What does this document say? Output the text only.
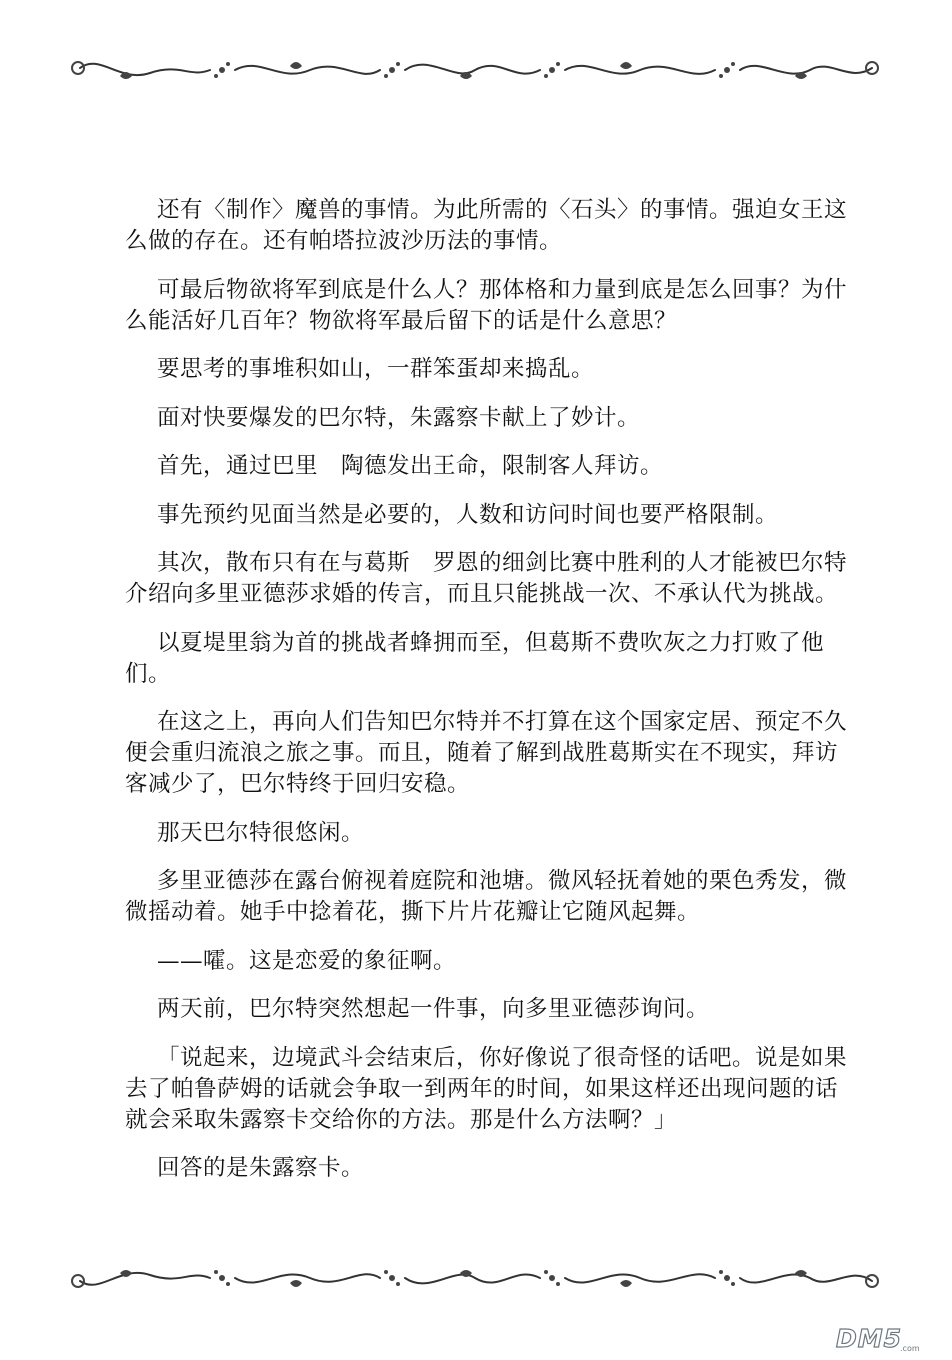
还有〈制作〉魔兽的事情。为此所需的〈石头〉的事情。强迫女王这么做的存在。还有帕塔拉波沙历法的事情。

可最后物欲将军到底是什么人？那体格和力量到底是怎么回事？为什么能活好几百年？物欲将军最后留下的话是什么意思？

要思考的事堆积如山，一群笨蛋却来捣乱。

面对快要爆发的巴尔特，朱露察卡献上了妙计。

首先，通过巴里　陶德发出王命，限制客人拜访。

事先预约见面当然是必要的，人数和访问时间也要严格限制。

其次，散布只有在与葛斯　罗恩的细剑比赛中胜利的人才能被巴尔特介绍向多里亚德莎求婚的传言，而且只能挑战一次、不承认代为挑战。

以夏堤里翁为首的挑战者蜂拥而至，但葛斯不费吹灰之力打败了他们。

在这之上，再向人们告知巴尔特并不打算在这个国家定居、预定不久便会重归流浪之旅之事。而且，随着了解到战胜葛斯实在不现实，拜访客减少了，巴尔特终于回归安稳。

那天巴尔特很悠闲。

多里亚德莎在露台俯视着庭院和池塘。微风轻抚着她的栗色秀发，微微摇动着。她手中捻着花，撕下片片花瓣让它随风起舞。

——嚯。这是恋爱的象征啊。

两天前，巴尔特突然想起一件事，向多里亚德莎询问。

「说起来，边境武斗会结束后，你好像说了很奇怪的话吧。说是如果去了帕鲁萨姆的话就会争取一到两年的时间，如果这样还出现问题的话就会采取朱露察卡交给你的方法。那是什么方法啊？」

回答的是朱露察卡。

DM5
.com
